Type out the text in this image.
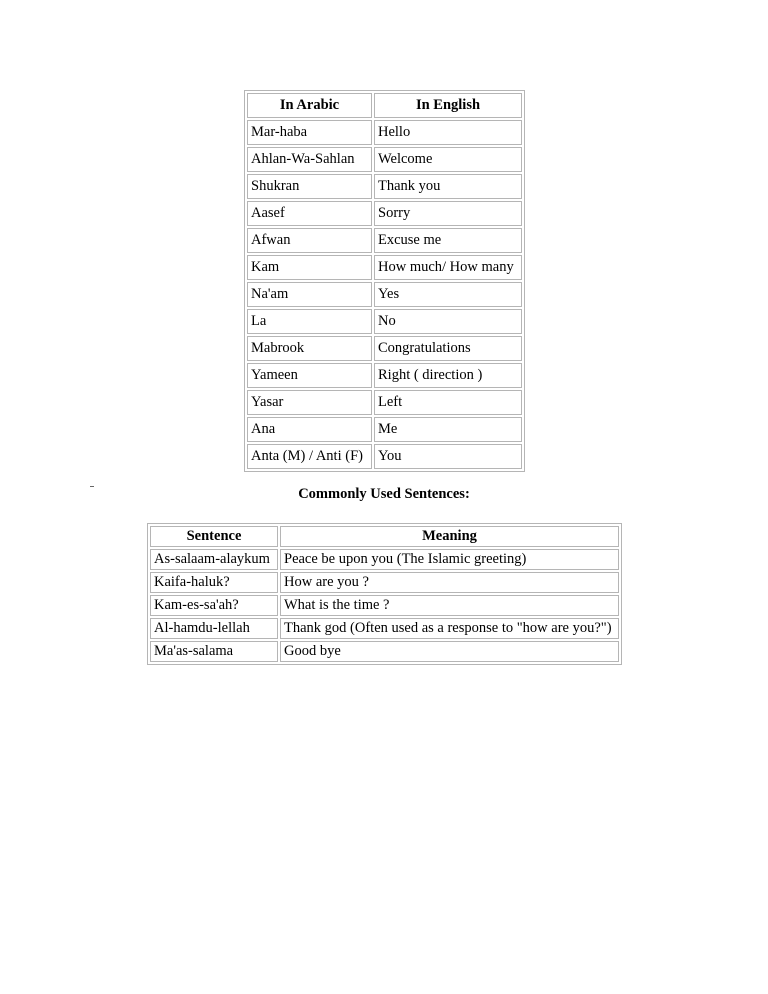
In Arabic	In English
Mar-haba	Hello
Ahlan-Wa-Sahlan	Welcome
Shukran	Thank you
Aasef	Sorry
Afwan	Excuse me
Kam	How much/ How many
Na'am	Yes
La	No
Mabrook	Congratulations
Yameen	Right ( direction )
Yasar	Left
Ana	Me
Anta (M) / Anti (F)	You
Commonly Used Sentences:
Sentence	Meaning
As-salaam-alaykum	Peace be upon you (The Islamic greeting)
Kaifa-haluk?	How are you ?
Kam-es-sa'ah?	What is the time ?
Al-hamdu-lellah	Thank god (Often used as a response to "how are you?")
Ma'as-salama	Good bye
